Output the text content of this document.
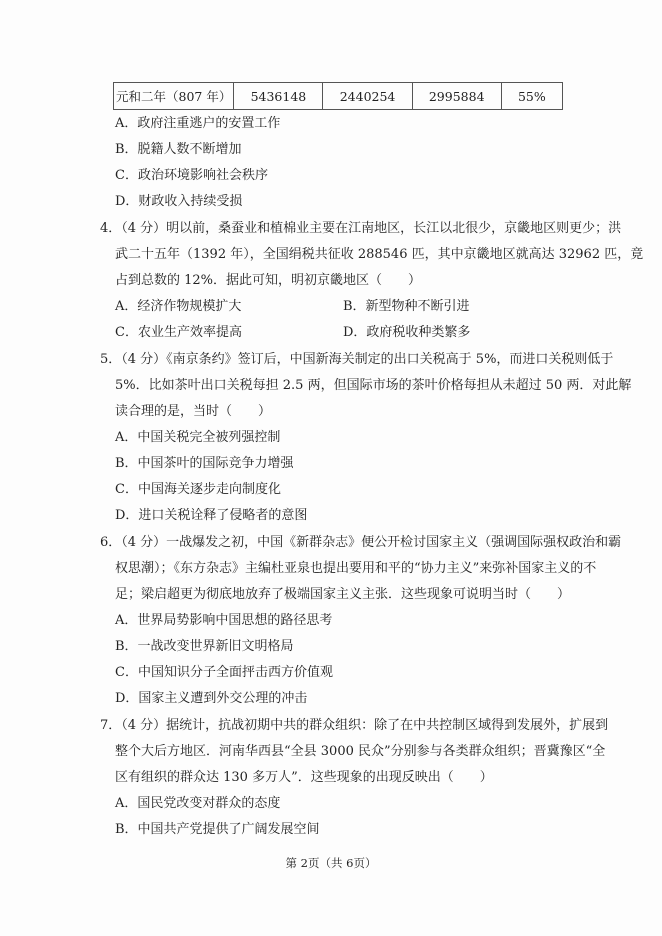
元和二年（807 年）	5436148	2440254	2995884	55%
A．政府注重逃户的安置工作
B．脱籍人数不断增加
C．政治环境影响社会秩序
D．财政收入持续受损
4．（4 分）明以前，桑蚕业和植棉业主要在江南地区，长江以北很少，京畿地区则更少；洪
武二十五年（1392 年），全国绢税共征收 288546 匹，其中京畿地区就高达 32962 匹，竟
占到总数的 12%．据此可知，明初京畿地区（　　）
A．经济作物规模扩大	B．新型物种不断引进
C．农业生产效率提高	D．政府税收种类繁多
5．（4 分）《南京条约》签订后，中国新海关制定的出口关税高于 5%，而进口关税则低于
5%．比如茶叶出口关税每担 2.5 两，但国际市场的茶叶价格每担从未超过 50 两．对此解
读合理的是，当时（　　）
A．中国关税完全被列强控制
B．中国茶叶的国际竞争力增强
C．中国海关逐步走向制度化
D．进口关税诠释了侵略者的意图
6．（4 分）一战爆发之初，中国《新群杂志》便公开检讨国家主义（强调国际强权政治和霸
权思潮）；《东方杂志》主编杜亚泉也提出要用和平的“协力主义”来弥补国家主义的不
足；梁启超更为彻底地放弃了极端国家主义主张．这些现象可说明当时（　　）
A．世界局势影响中国思想的路径思考
B．一战改变世界新旧文明格局
C．中国知识分子全面抨击西方价值观
D．国家主义遭到外交公理的冲击
7．（4 分）据统计，抗战初期中共的群众组织：除了在中共控制区域得到发展外，扩展到
整个大后方地区．河南华西县“全县 3000 民众”分别参与各类群众组织；晋冀豫区“全
区有组织的群众达 130 多万人”．这些现象的出现反映出（　　）
A．国民党改变对群众的态度
B．中国共产党提供了广阔发展空间
第 2页（共 6页）
